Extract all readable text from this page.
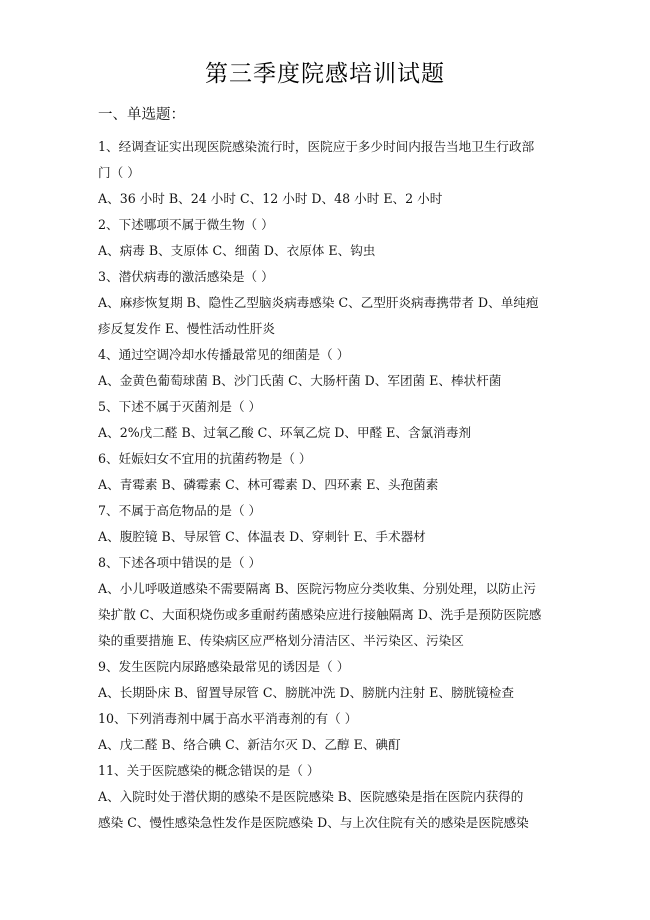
第三季度院感培训试题
一、单选题：
1、经调查证实出现医院感染流行时，医院应于多少时间内报告当地卫生行政部
门（ ）
A、36 小时 B、24 小时 C、12 小时 D、48 小时 E、2 小时
2、下述哪项不属于微生物（ ）
A、病毒 B、支原体 C、细菌 D、衣原体 E、钩虫
3、潜伏病毒的激活感染是（ ）
A、麻疹恢复期 B、隐性乙型脑炎病毒感染 C、乙型肝炎病毒携带者 D、单纯疱
疹反复发作 E、慢性活动性肝炎
4、通过空调冷却水传播最常见的细菌是（ ）
A、金黄色葡萄球菌 B、沙门氏菌 C、大肠杆菌 D、军团菌 E、棒状杆菌
5、下述不属于灭菌剂是（ ）
A、2%戊二醛 B、过氧乙酸 C、环氧乙烷 D、甲醛 E、含氯消毒剂
6、妊娠妇女不宜用的抗菌药物是（ ）
A、青霉素 B、磷霉素 C、林可霉素 D、四环素 E、头孢菌素
7、不属于高危物品的是（ ）
A、腹腔镜 B、导尿管 C、体温表 D、穿刺针 E、手术器材
8、下述各项中错误的是（ ）
A、小儿呼吸道感染不需要隔离 B、医院污物应分类收集、分别处理，以防止污
染扩散 C、大面积烧伤或多重耐药菌感染应进行接触隔离 D、洗手是预防医院感
染的重要措施 E、传染病区应严格划分清洁区、半污染区、污染区
9、发生医院内尿路感染最常见的诱因是（ ）
A、长期卧床 B、留置导尿管 C、膀胱冲洗 D、膀胱内注射 E、膀胱镜检查
10、下列消毒剂中属于高水平消毒剂的有（ ）
A、戊二醛 B、络合碘 C、新洁尔灭 D、乙醇 E、碘酊
11、关于医院感染的概念错误的是（ ）
A、入院时处于潜伏期的感染不是医院感染 B、医院感染是指在医院内获得的
感染 C、慢性感染急性发作是医院感染 D、与上次住院有关的感染是医院感染
